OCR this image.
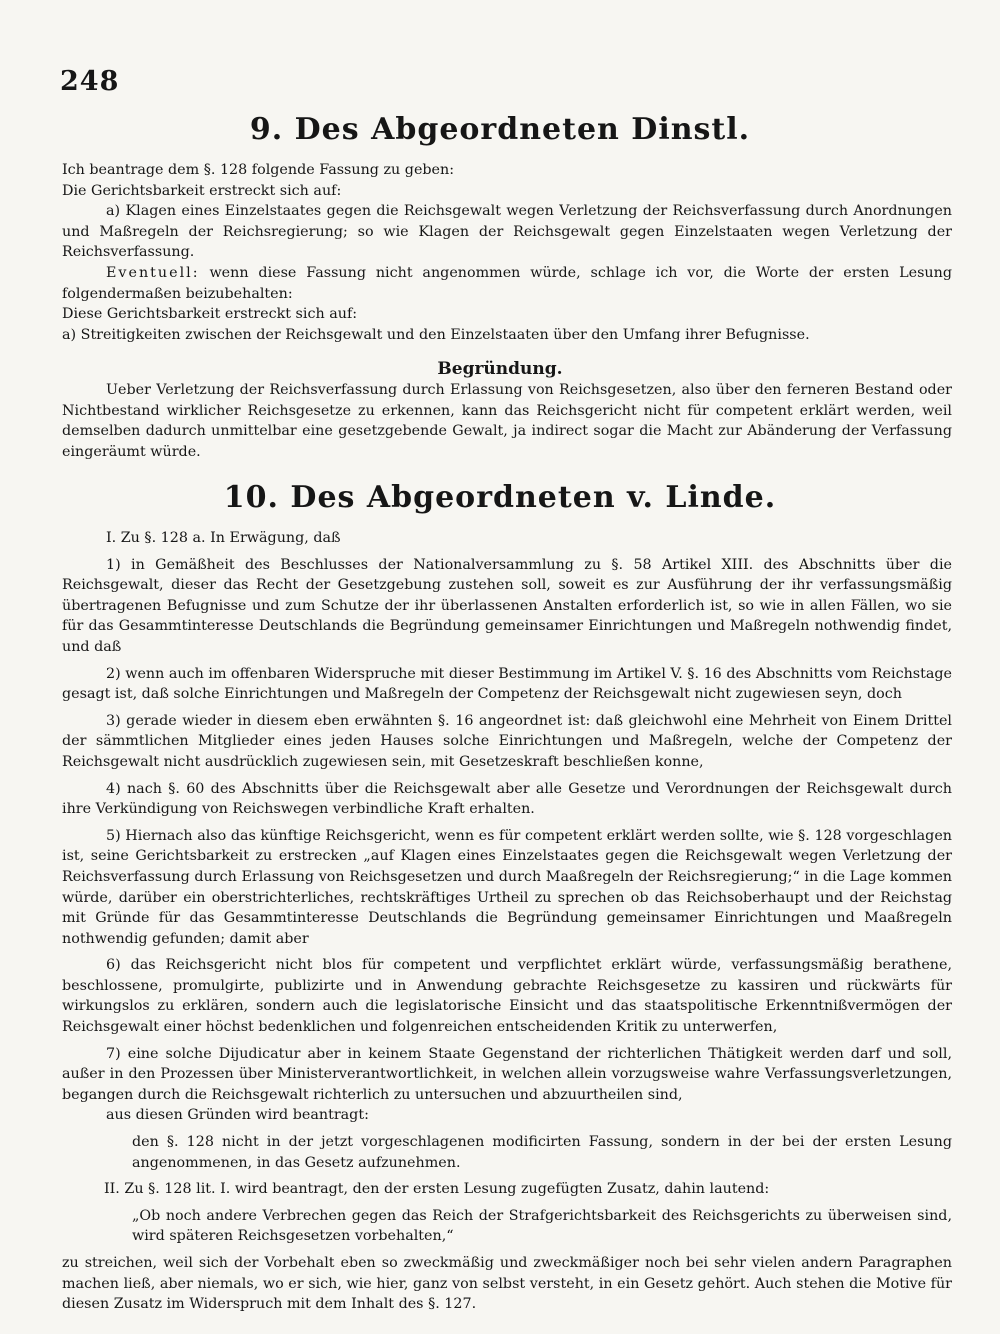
248
9. Des Abgeordneten Dinstl.
Ich beantrage dem §. 128 folgende Fassung zu geben:
Die Gerichtsbarkeit erstreckt sich auf:
a) Klagen eines Einzelstaates gegen die Reichsgewalt wegen Verletzung der Reichsverfassung durch Anordnungen und Maßregeln der Reichsregierung; so wie Klagen der Reichsgewalt gegen Einzelstaaten wegen Verletzung der Reichsverfassung.
Eventuell: wenn diese Fassung nicht angenommen würde, schlage ich vor, die Worte der ersten Lesung folgendermaßen beizubehalten:
Diese Gerichtsbarkeit erstreckt sich auf:
a) Streitigkeiten zwischen der Reichsgewalt und den Einzelstaaten über den Umfang ihrer Befugnisse.
Begründung.
Ueber Verletzung der Reichsverfassung durch Erlassung von Reichsgesetzen, also über den ferneren Bestand oder Nichtbestand wirklicher Reichsgesetze zu erkennen, kann das Reichsgericht nicht für competent erklärt werden, weil demselben dadurch unmittelbar eine gesetzgebende Gewalt, ja indirect sogar die Macht zur Abänderung der Verfassung eingeräumt würde.
10. Des Abgeordneten v. Linde.
I. Zu §. 128 a. In Erwägung, daß
1) in Gemäßheit des Beschlusses der Nationalversammlung zu §. 58 Artikel XIII. des Abschnitts über die Reichsgewalt, dieser das Recht der Gesetzgebung zustehen soll, soweit es zur Ausführung der ihr verfassungsmäßig übertragenen Befugnisse und zum Schutze der ihr überlassenen Anstalten erforderlich ist, so wie in allen Fällen, wo sie für das Gesammtinteresse Deutschlands die Begründung gemeinsamer Einrichtungen und Maßregeln nothwendig findet, und daß
2) wenn auch im offenbaren Widerspruche mit dieser Bestimmung im Artikel V. §. 16 des Abschnitts vom Reichstage gesagt ist, daß solche Einrichtungen und Maßregeln der Competenz der Reichsgewalt nicht zugewiesen seyn, doch
3) gerade wieder in diesem eben erwähnten §. 16 angeordnet ist: daß gleichwohl eine Mehrheit von Einem Drittel der sämmtlichen Mitglieder eines jeden Hauses solche Einrichtungen und Maßregeln, welche der Competenz der Reichsgewalt nicht ausdrücklich zugewiesen sein, mit Gesetzeskraft beschließen konne,
4) nach §. 60 des Abschnitts über die Reichsgewalt aber alle Gesetze und Verordnungen der Reichsgewalt durch ihre Verkündigung von Reichswegen verbindliche Kraft erhalten.
5) Hiernach also das künftige Reichsgericht, wenn es für competent erklärt werden sollte, wie §. 128 vorgeschlagen ist, seine Gerichtsbarkeit zu erstrecken „auf Klagen eines Einzelstaates gegen die Reichsgewalt wegen Verletzung der Reichsverfassung durch Erlassung von Reichsgesetzen und durch Maaßregeln der Reichsregierung;“ in die Lage kommen würde, darüber ein oberstrichterliches, rechtskräftiges Urtheil zu sprechen ob das Reichsoberhaupt und der Reichstag mit Gründe für das Gesammtinteresse Deutschlands die Begründung gemeinsamer Einrichtungen und Maaßregeln nothwendig gefunden; damit aber
6) das Reichsgericht nicht blos für competent und verpflichtet erklärt würde, verfassungsmäßig berathene, beschlossene, promulgirte, publizirte und in Anwendung gebrachte Reichsgesetze zu kassiren und rückwärts für wirkungslos zu erklären, sondern auch die legislatorische Einsicht und das staatspolitische Erkenntnißvermögen der Reichsgewalt einer höchst bedenklichen und folgenreichen entscheidenden Kritik zu unterwerfen,
7) eine solche Dijudicatur aber in keinem Staate Gegenstand der richterlichen Thätigkeit werden darf und soll, außer in den Prozessen über Ministerverantwortlichkeit, in welchen allein vorzugsweise wahre Verfassungsverletzungen, begangen durch die Reichsgewalt richterlich zu untersuchen und abzuurtheilen sind,
aus diesen Gründen wird beantragt:
den §. 128 nicht in der jetzt vorgeschlagenen modificirten Fassung, sondern in der bei der ersten Lesung angenommenen, in das Gesetz aufzunehmen.
II. Zu §. 128 lit. I. wird beantragt, den der ersten Lesung zugefügten Zusatz, dahin lautend:
„Ob noch andere Verbrechen gegen das Reich der Strafgerichtsbarkeit des Reichsgerichts zu überweisen sind, wird späteren Reichsgesetzen vorbehalten,“
zu streichen, weil sich der Vorbehalt eben so zweckmäßig und zweckmäßiger noch bei sehr vielen andern Paragraphen machen ließ, aber niemals, wo er sich, wie hier, ganz von selbst versteht, in ein Gesetz gehört. Auch stehen die Motive für diesen Zusatz im Widerspruch mit dem Inhalt des §. 127.
